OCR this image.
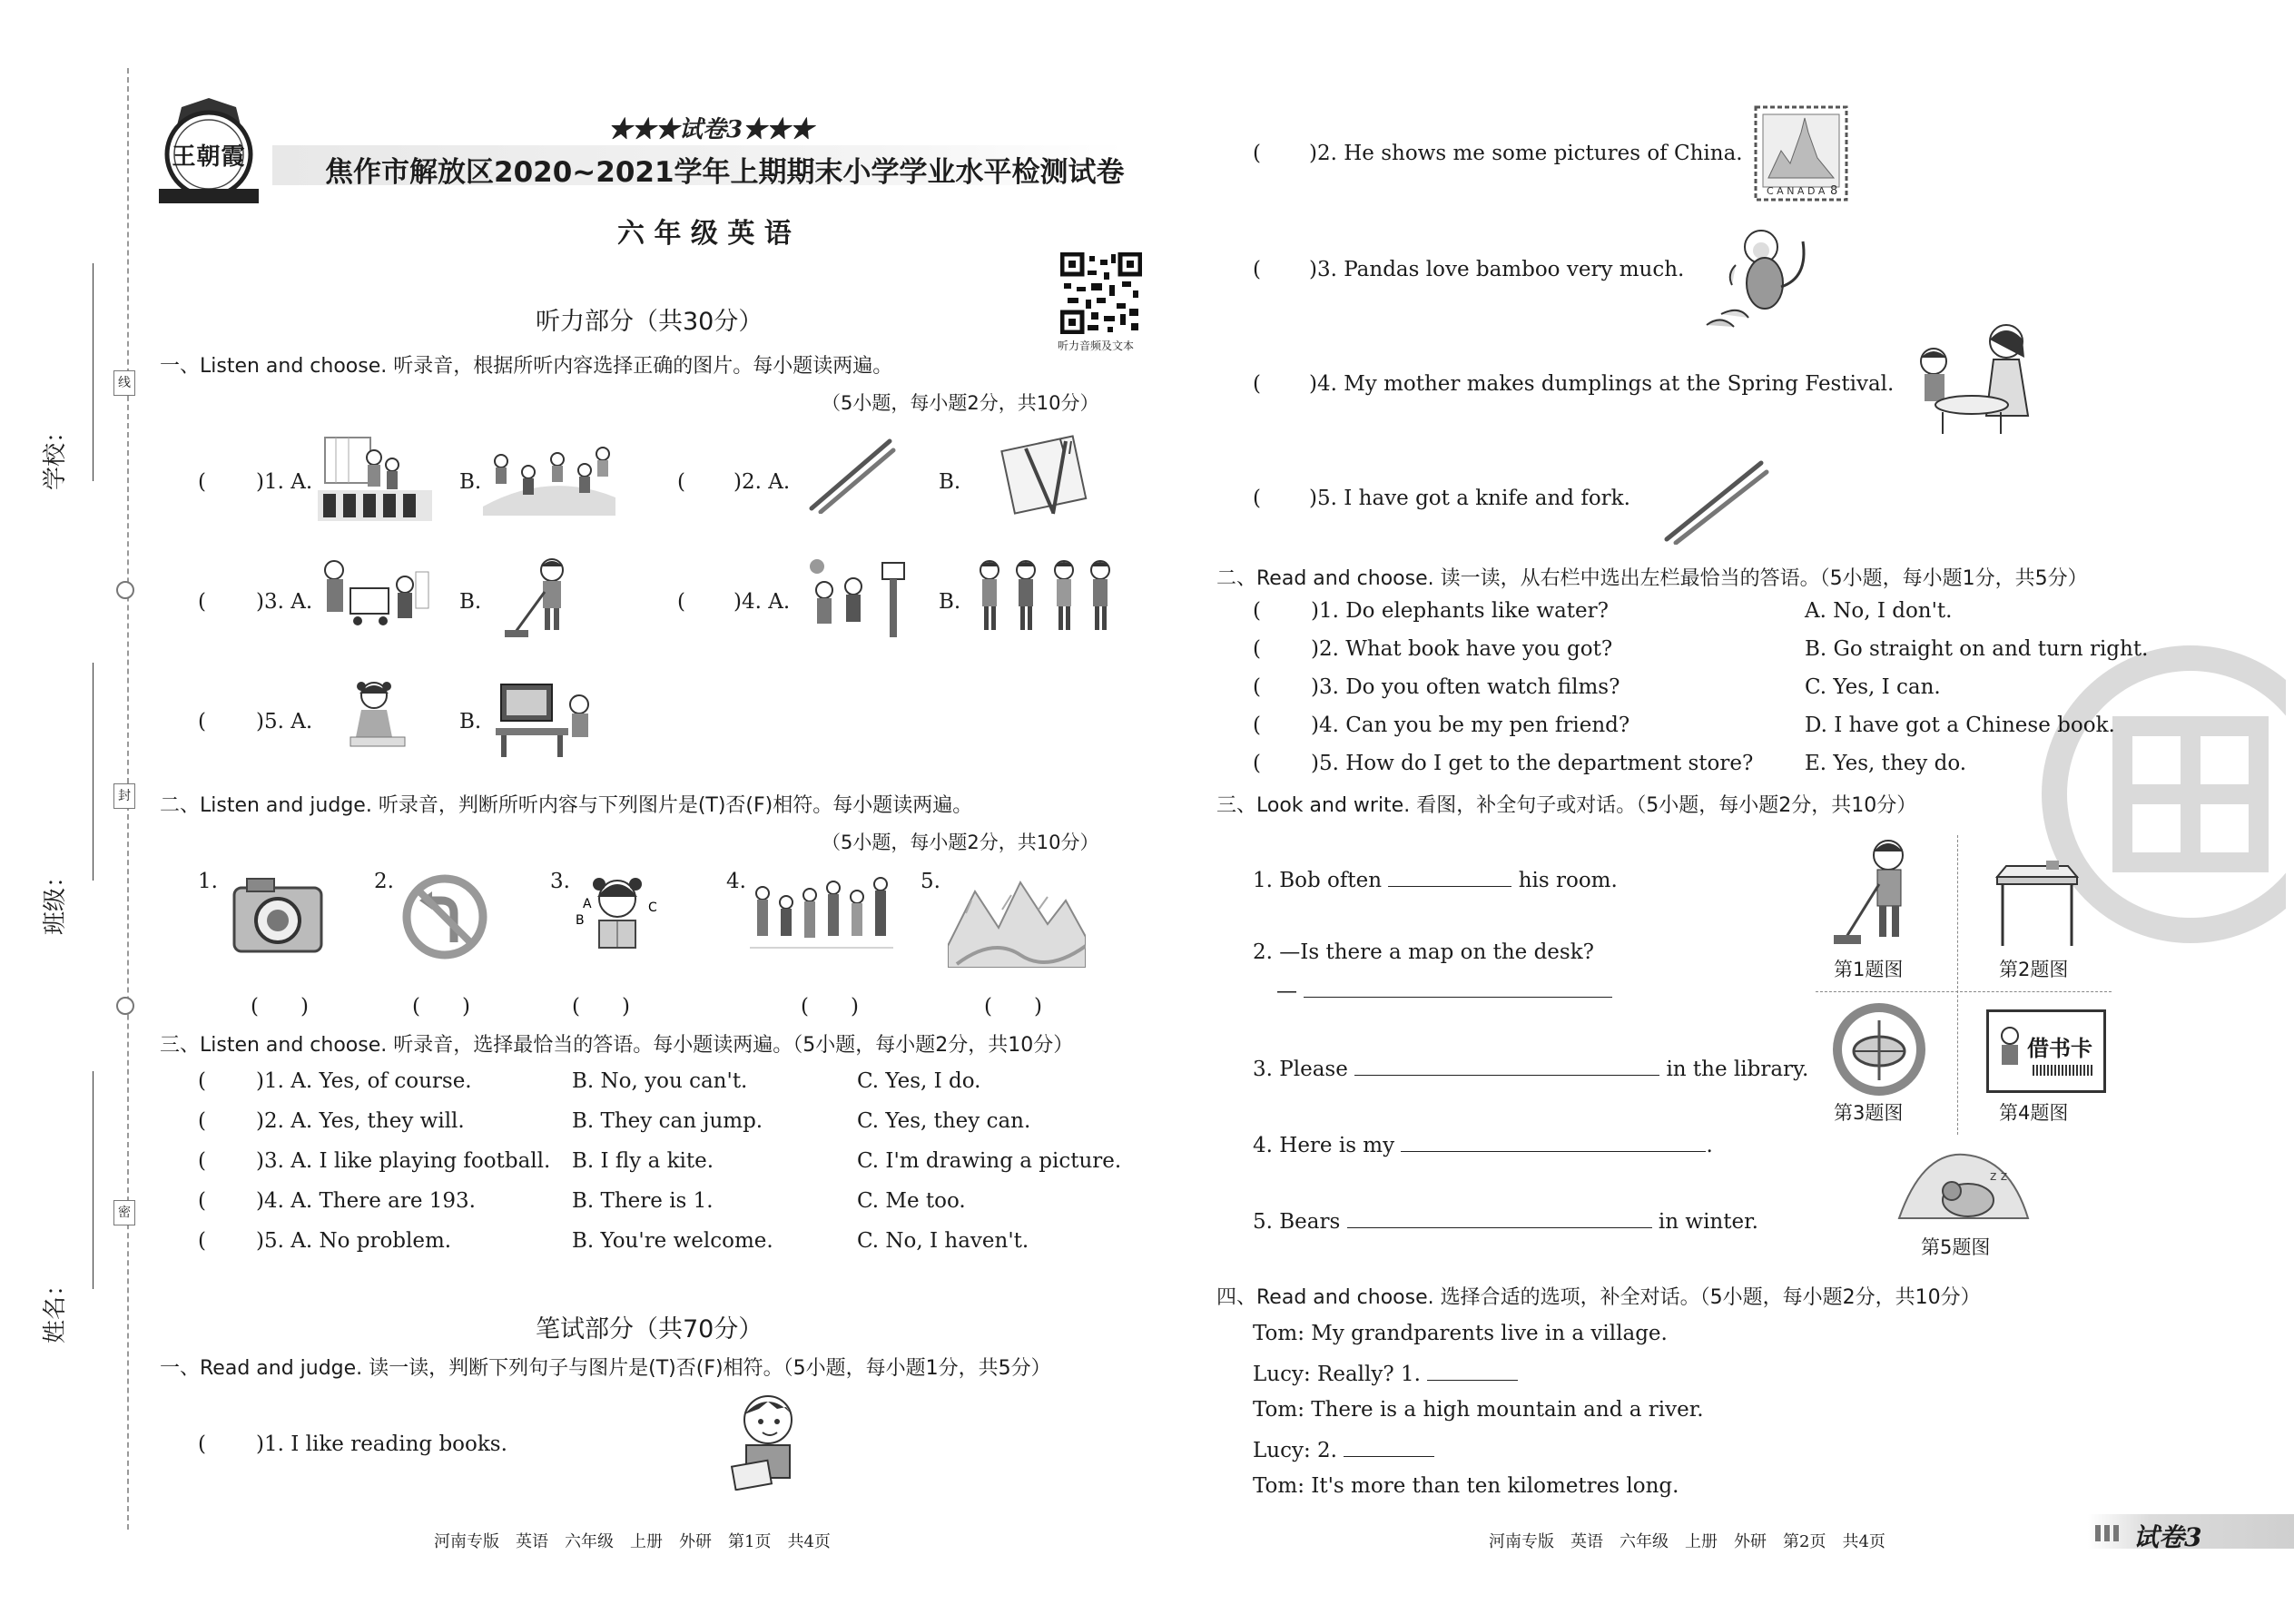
学校：
班级：
姓名：
线
封
密
王朝霞
★★★试卷3★★★
焦作市解放区2020~2021学年上期期末小学学业水平检测试卷
六 年 级 英 语
听力音频及文本
听力部分（共30分）
一、Listen and choose. 听录音，根据所听内容选择正确的图片。每小题读两遍。
（5小题，每小题2分，共10分）
( )1. A.	B.	( )2. A.	B.
( )3. A.	B.	( )4. A.	B.
( )5. A.	B.
二、Listen and judge. 听录音，判断所听内容与下列图片是(T)否(F)相符。每小题读两遍。
（5小题，每小题2分，共10分）
1.
(　　)
2.
(　　)
3.
B
A	C
(　　)
4.
(　　)
5.
(　　)
三、Listen and choose. 听录音，选择最恰当的答语。每小题读两遍。（5小题，每小题2分，共10分）
( )1. A. Yes, of course.	B. No, you can't.	C. Yes, I do.
( )2. A. Yes, they will.	B. They can jump.	C. Yes, they can.
( )3. A. I like playing football. B. I fly a kite.	C. I'm drawing a picture.
( )4. A. There are 193.	B. There is 1.	C. Me too.
( )5. A. No problem.	B. You're welcome.	C. No, I haven't.
笔试部分（共70分）
一、Read and judge. 读一读，判断下列句子与图片是(T)否(F)相符。（5小题，每小题1分，共5分）
( )1. I like reading books.
( )2. He shows me some pictures of China.
C A N A D A 8
( )3. Pandas love bamboo very much.
( )4. My mother makes dumplings at the Spring Festival.
( )5. I have got a knife and fork.
二、Read and choose. 读一读，从右栏中选出左栏最恰当的答语。（5小题，每小题1分，共5分）
( )1. Do elephants like water?	A. No, I don't.
( )2. What book have you got?	B. Go straight on and turn right.
( )3. Do you often watch films?	C. Yes, I can.
( )4. Can you be my pen friend?	D. I have got a Chinese book.
( )5. How do I get to the department store? E. Yes, they do.
三、Look and write. 看图，补全句子或对话。（5小题，每小题2分，共10分）
1. Bob often	his room.
2. —Is there a map on the desk?
—
3. Please	in the library.
4. Here is my	.
5. Bears	in winter.
第1题图	第2题图
第3题图
借书卡
第4题图
z z
第5题图
四、Read and choose. 选择合适的选项，补全对话。（5小题，每小题2分，共10分）
Tom: My grandparents live in a village.
Lucy: Really? 1.
Tom: There is a high mountain and a river.
Lucy: 2.
Tom: It's more than ten kilometres long.
河南专版　英语　六年级　上册　外研　第1页　共4页	河南专版　英语　六年级　上册　外研　第2页　共4页	试卷3
